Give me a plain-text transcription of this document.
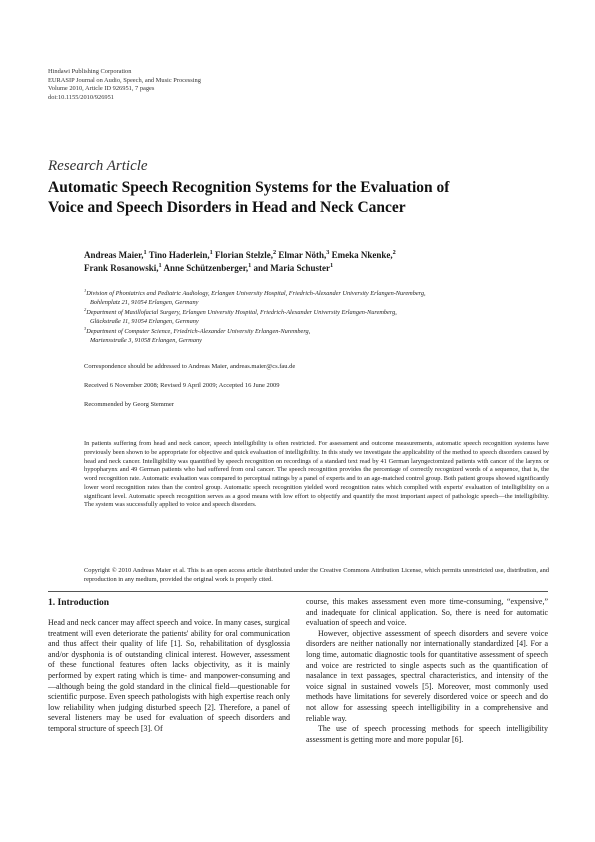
Hindawi Publishing Corporation
EURASIP Journal on Audio, Speech, and Music Processing
Volume 2010, Article ID 926951, 7 pages
doi:10.1155/2010/926951
Research Article
Automatic Speech Recognition Systems for the Evaluation of
Voice and Speech Disorders in Head and Neck Cancer
Andreas Maier,$^1$ Tino Haderlein,$^1$ Florian Stelzle,$^2$ Elmar Nöth,$^3$ Emeka Nkenke,$^2$
Frank Rosanowski,$^1$ Anne Schützenberger,$^1$ and Maria Schuster$^1$
$^1$Division of Phoniatrics and Pediatric Audiology, Erlangen University Hospital, Friedrich-Alexander University Erlangen-Nuremberg,
Bohlenplatz 21, 91054 Erlangen, Germany
$^2$Department of Maxillofacial Surgery, Erlangen University Hospital, Friedrich-Alexander University Erlangen-Nuremberg,
Glückstraße 11, 91054 Erlangen, Germany
$^3$Department of Computer Science, Friedrich-Alexander University Erlangen-Nuremberg,
Martensstraße 3, 91058 Erlangen, Germany
Correspondence should be addressed to Andreas Maier, andreas.maier@cs.fau.de
Received 6 November 2008; Revised 9 April 2009; Accepted 16 June 2009
Recommended by Georg Stemmer
In patients suffering from head and neck cancer, speech intelligibility is often restricted. For assessment and outcome measurements, automatic speech recognition systems have previously been shown to be appropriate for objective and quick evaluation of intelligibility. In this study we investigate the applicability of the method to speech disorders caused by head and neck cancer. Intelligibility was quantified by speech recognition on recordings of a standard text read by 41 German laryngectomized patients with cancer of the larynx or hypopharynx and 49 German patients who had suffered from oral cancer. The speech recognition provides the percentage of correctly recognized words of a sequence, that is, the word recognition rate. Automatic evaluation was compared to perceptual ratings by a panel of experts and to an age-matched control group. Both patient groups showed significantly lower word recognition rates than the control group. Automatic speech recognition yielded word recognition rates which complied with experts' evaluation of intelligibility on a significant level. Automatic speech recognition serves as a good means with low effort to objectify and quantify the most important aspect of pathologic speech—the intelligibility. The system was successfully applied to voice and speech disorders.
Copyright © 2010 Andreas Maier et al. This is an open access article distributed under the Creative Commons Attribution License, which permits unrestricted use, distribution, and reproduction in any medium, provided the original work is properly cited.
1. Introduction

Head and neck cancer may affect speech and voice. In many cases, surgical treatment will even deteriorate the patients' ability for oral communication and thus affect their quality of life [1]. So, rehabilitation of dysglossia and/or dysphonia is of outstanding clinical interest. However, assessment of these functional features often lacks objectivity, as it is mainly performed by expert rating which is time- and manpower-consuming and—although being the gold standard in the clinical field—questionable for scientific purpose. Even speech pathologists with high expertise reach only low reliability when judging disturbed speech [2]. Therefore, a panel of several listeners may be used for evaluation of speech disorders and temporal structure of speech [3]. Of

course, this makes assessment even more time-consuming, “expensive,” and inadequate for clinical application. So, there is need for automatic evaluation of speech and voice.

However, objective assessment of speech disorders and severe voice disorders are neither nationally nor internationally standardized [4]. For a long time, automatic diagnostic tools for quantitative assessment of speech and voice are restricted to single aspects such as the quantification of nasalance in text passages, spectral characteristics, and intensity of the voice signal in sustained vowels [5]. Moreover, most commonly used methods have limitations for severely disordered voice or speech and do not allow for assessing speech intelligibility in a comprehensive and reliable way.

The use of speech processing methods for speech intelligibility assessment is getting more and more popular [6].
